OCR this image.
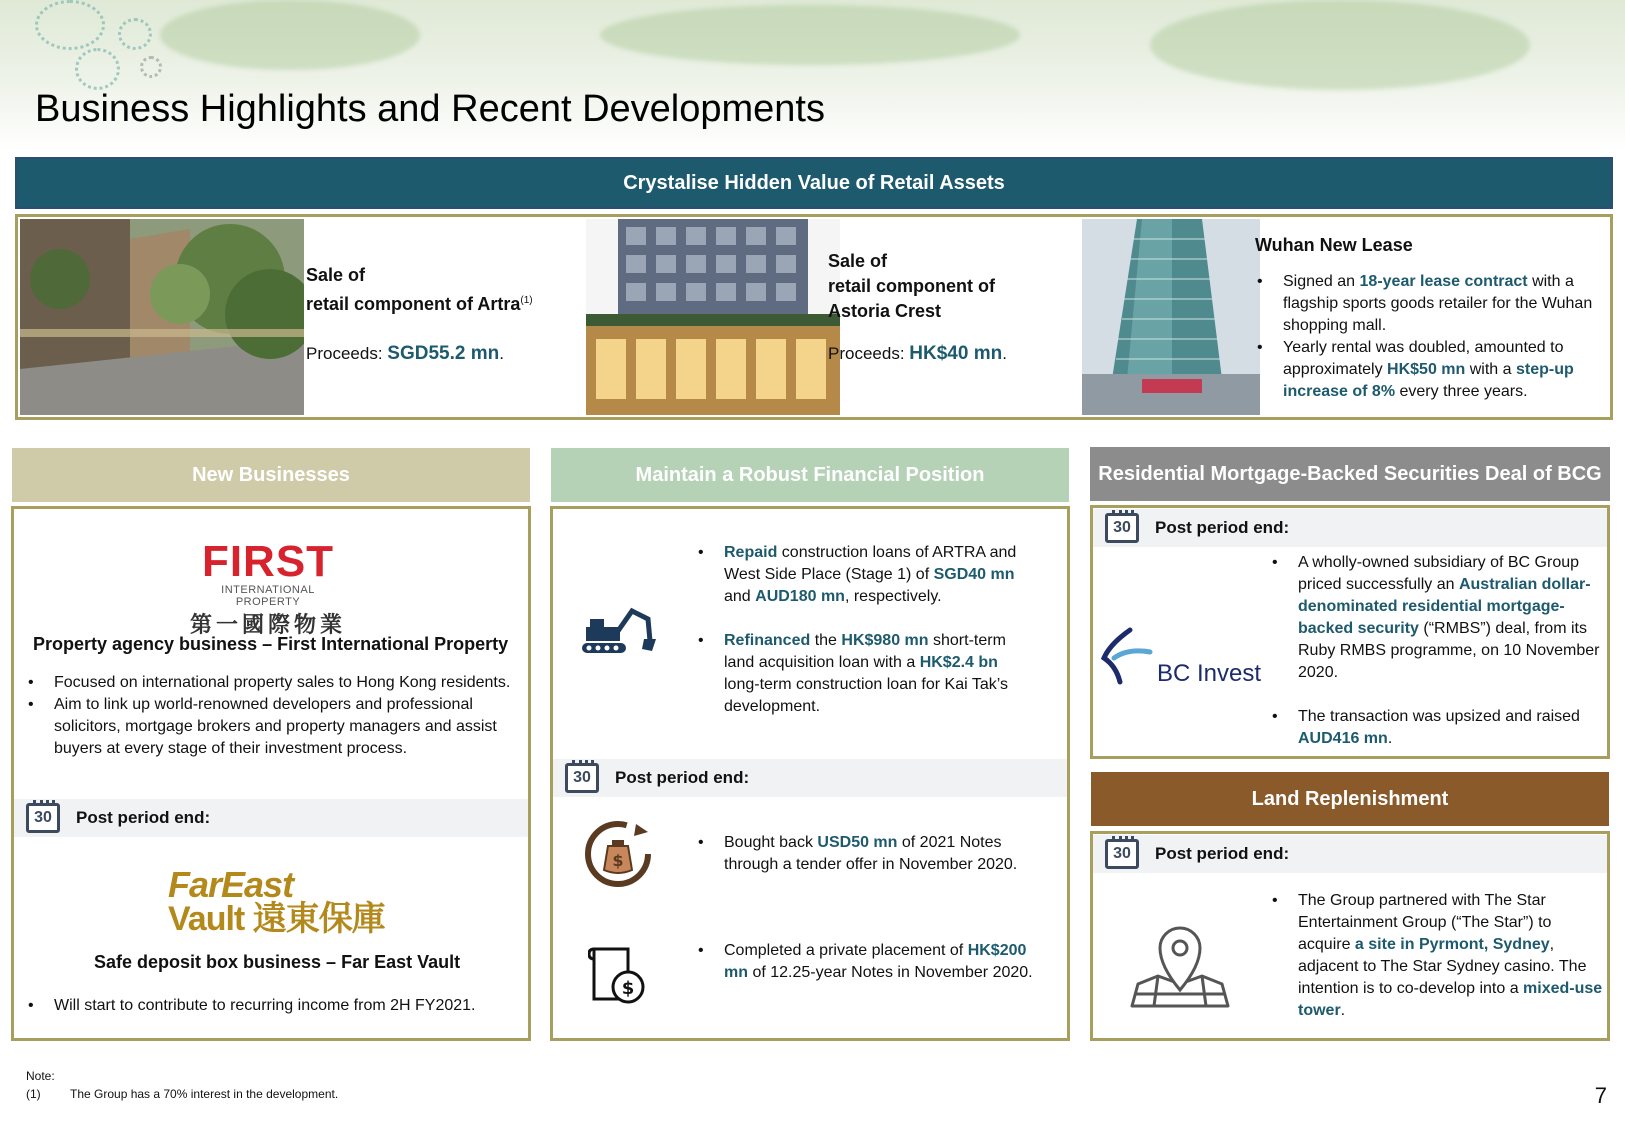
Business Highlights and Recent Developments
Crystalise Hidden Value of Retail Assets
Sale of
retail component of Artra$^{(1)}$
Proceeds: SGD55.2 mn.
Sale of
retail component of
Astoria Crest
Proceeds: HK$40 mn.
Wuhan New Lease
• Signed an 18-year lease contract with a flagship sports goods retailer for the Wuhan shopping mall.
• Yearly rental was doubled, amounted to approximately HK$50 mn with a step-up increase of 8% every three years.
New Businesses
FIRST
INTERNATIONAL PROPERTY
第一國際物業
Property agency business – First International Property
• Focused on international property sales to Hong Kong residents.
• Aim to link up world-renowned developers and professional solicitors, mortgage brokers and property managers and assist buyers at every stage of their investment process.
30	Post period end:
FarEast
Vault 遠東保庫
Safe deposit box business – Far East Vault
• Will start to contribute to recurring income from 2H FY2021.
Maintain a Robust Financial Position
• Repaid construction loans of ARTRA and West Side Place (Stage 1) of SGD40 mn and AUD180 mn, respectively.
• Refinanced the HK$980 mn short-term land acquisition loan with a HK$2.4 bn long-term construction loan for Kai Tak’s development.
30	Post period end:
$
• Bought back USD50 mn of 2021 Notes through a tender offer in November 2020.
$
• Completed a private placement of HK$200 mn of 12.25-year Notes in November 2020.
Residential Mortgage-Backed Securities Deal of BCG
30	Post period end:
BC Invest
• A wholly-owned subsidiary of BC Group priced successfully an Australian dollar-denominated residential mortgage-backed security (“RMBS”) deal, from its Ruby RMBS programme, on 10 November 2020.
• The transaction was upsized and raised AUD416 mn.
Land Replenishment
30	Post period end:
• The Group partnered with The Star Entertainment Group (“The Star”) to acquire a site in Pyrmont, Sydney, adjacent to The Star Sydney casino. The intention is to co-develop into a mixed-use tower.
Note:
(1) The Group has a 70% interest in the development.	7
